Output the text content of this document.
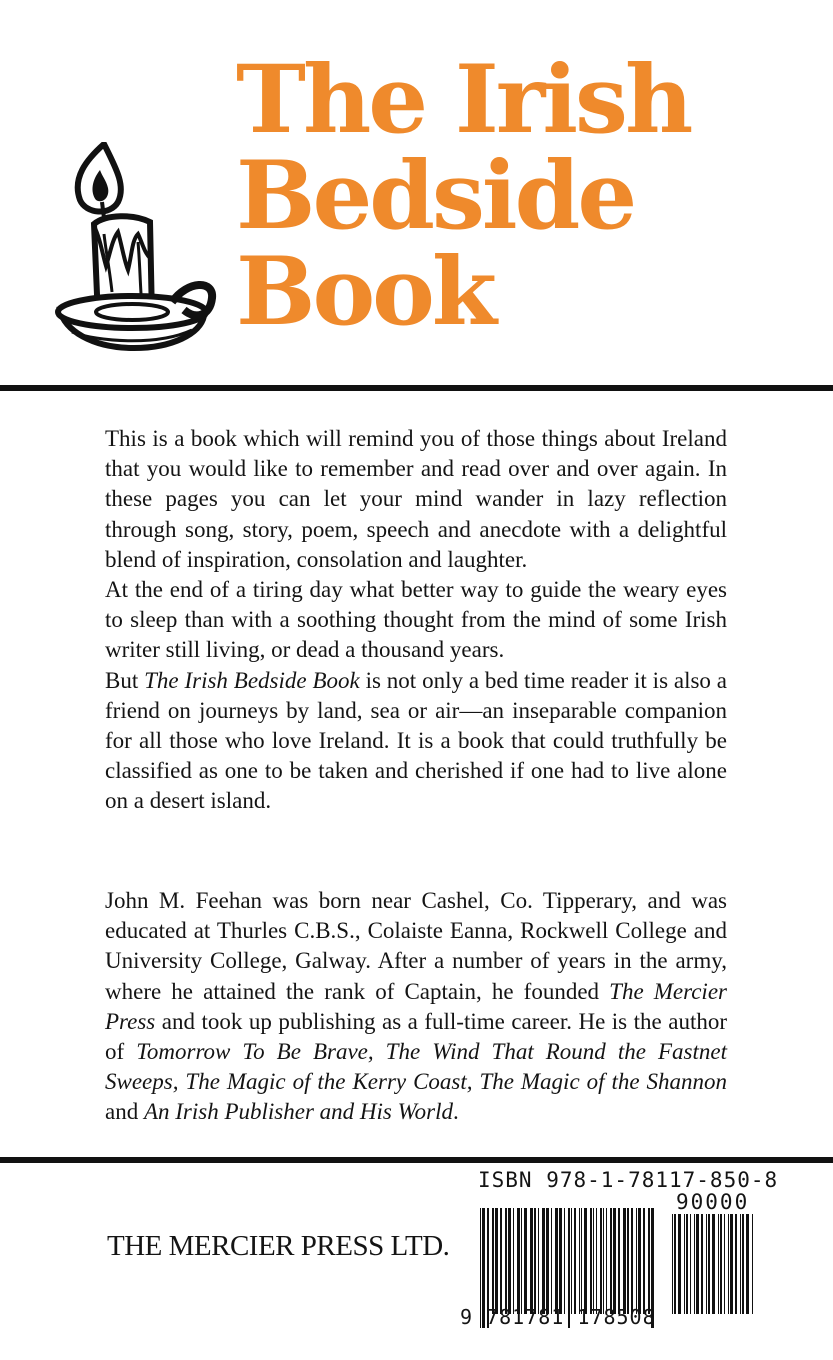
The Irish
Bedside
Book

This is a book which will remind you of those things about Ireland that you would like to remember and read over and over again. In these pages you can let your mind wander in lazy reflection through song, story, poem, speech and anecdote with a delightful blend of inspiration, consolation and laughter.

At the end of a tiring day what better way to guide the weary eyes to sleep than with a soothing thought from the mind of some Irish writer still living, or dead a thousand years.

But The Irish Bedside Book is not only a bed time reader it is also a friend on journeys by land, sea or air—an inseparable companion for all those who love Ireland. It is a book that could truthfully be classified as one to be taken and cherished if one had to live alone on a desert island.

John M. Feehan was born near Cashel, Co. Tipperary, and was educated at Thurles C.B.S., Colaiste Eanna, Rockwell College and University College, Galway. After a number of years in the army, where he attained the rank of Captain, he founded The Mercier Press and took up publishing as a full-time career. He is the author of Tomorrow To Be Brave, The Wind That Round the Fastnet Sweeps, The Magic of the Kerry Coast, The Magic of the Shannon and An Irish Publisher and His World.

THE MERCIER PRESS LTD.
ISBN 978-1-78117-850-8
90000
9 781781 178508
